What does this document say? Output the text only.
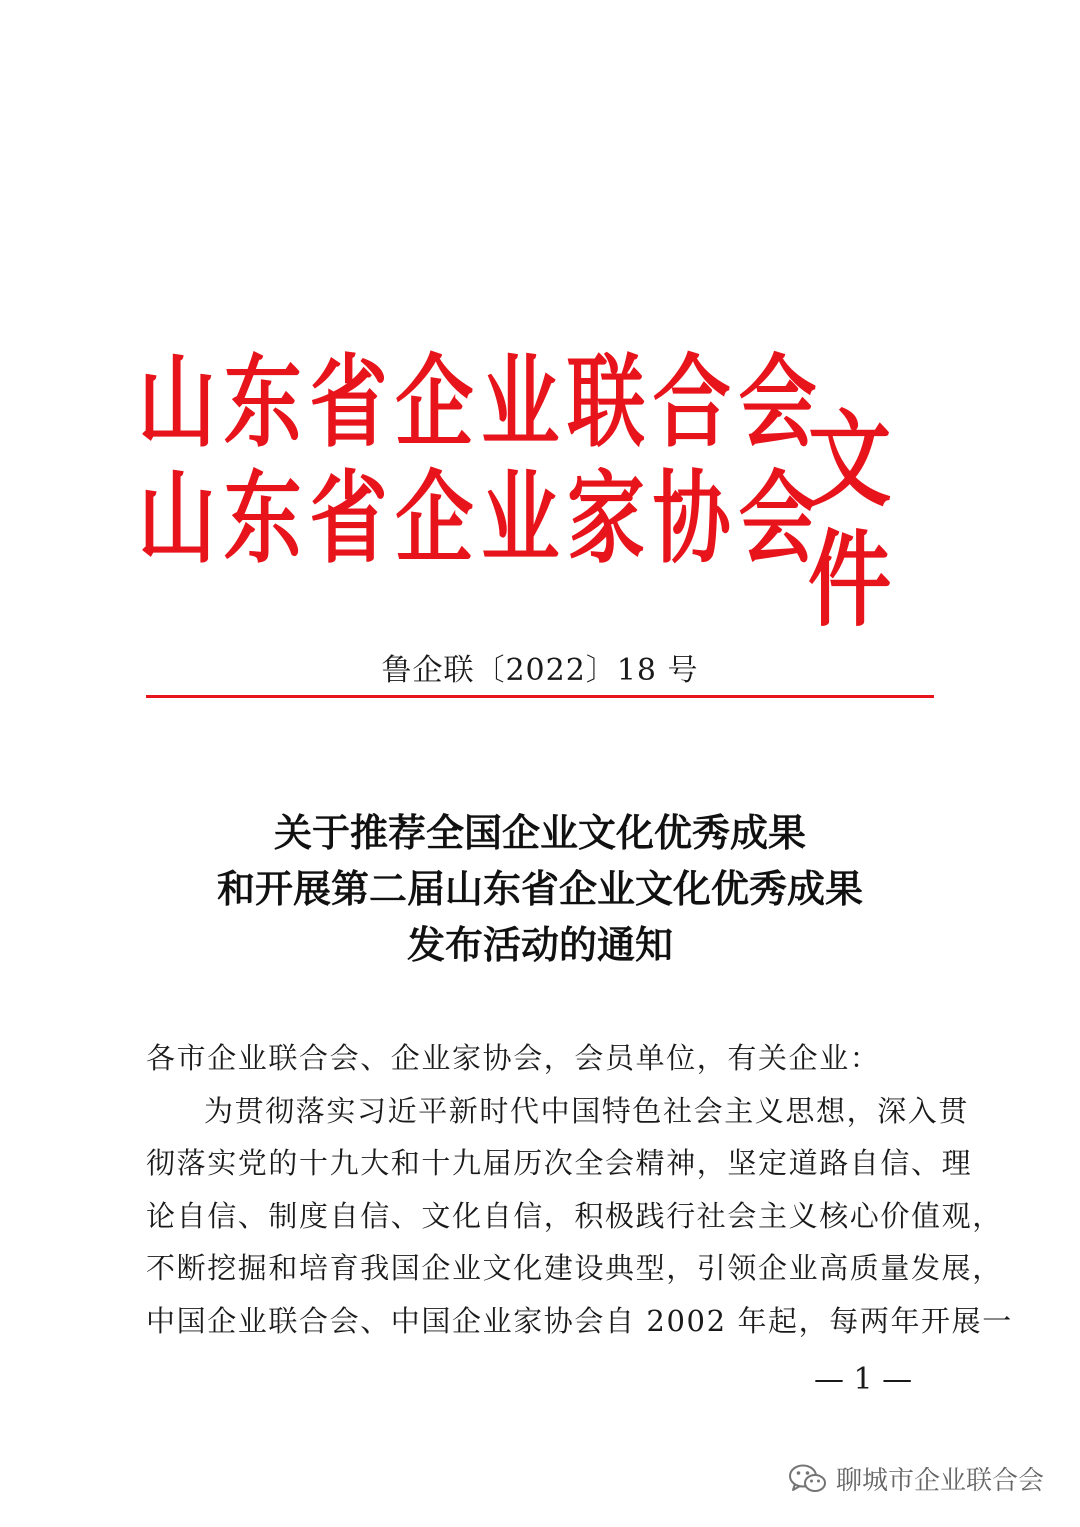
山 东 省 企 业 联 合 会
山 东 省 企 业 家 协 会
文件
鲁企联〔2022〕18 号
关于推荐全国企业文化优秀成果
和开展第二届山东省企业文化优秀成果
发布活动的通知
各市企业联合会、企业家协会，会员单位，有关企业：
为贯彻落实习近平新时代中国特色社会主义思想，深入贯
彻落实党的十九大和十九届历次全会精神，坚定道路自信、理
论自信、制度自信、文化自信，积极践行社会主义核心价值观，
不断挖掘和培育我国企业文化建设典型，引领企业高质量发展，
中国企业联合会、中国企业家协会自 2002 年起，每两年开展一
— 1 —
聊城市企业联合会
